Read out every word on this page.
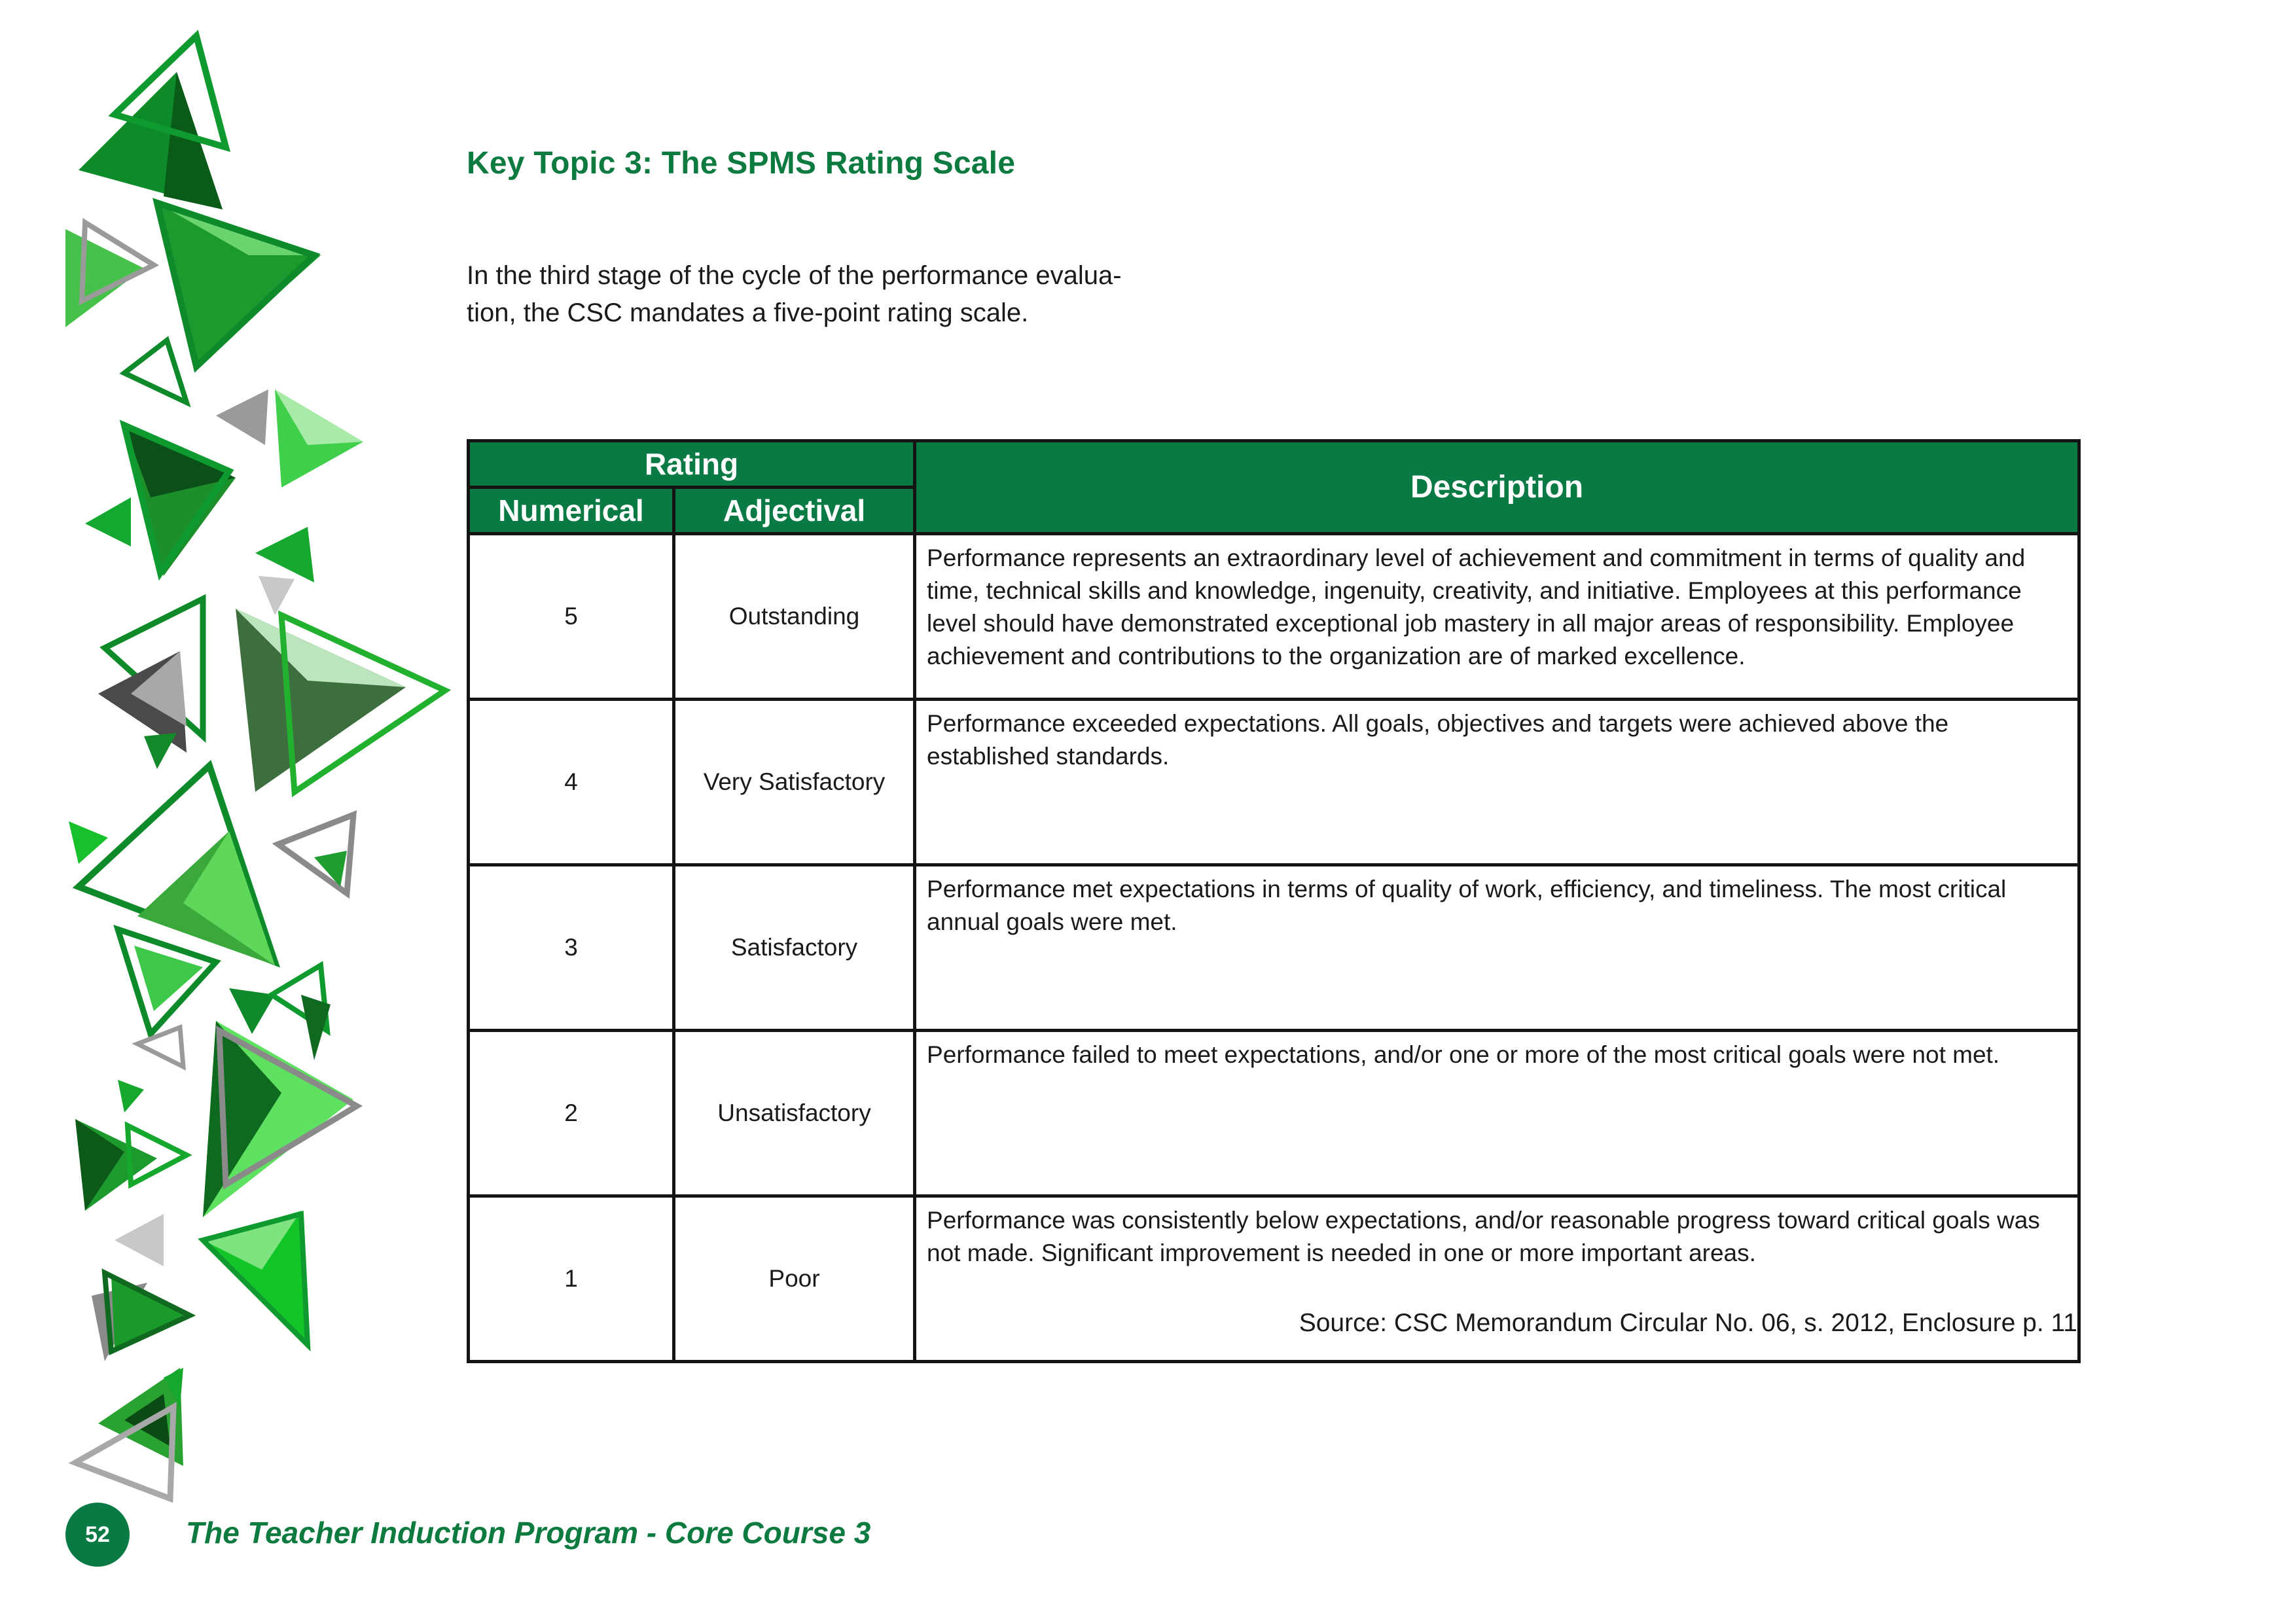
Key Topic 3: The SPMS Rating Scale

In the third stage of the cycle of the performance evalua-
tion, the CSC mandates a five-point rating scale.

Rating		Description
Numerical	Adjectival	
5	Outstanding	Performance represents an extraordinary level of achievement and commitment in terms of quality and time, technical skills and knowledge, ingenuity, creativity, and initiative. Employees at this performance level should have demonstrated exceptional job mastery in all major areas of responsibility. Employee achievement and contributions to the organization are of marked excellence.
4	Very Satisfactory	Performance exceeded expectations. All goals, objectives and targets were achieved above the established standards.
3	Satisfactory	Performance met expectations in terms of quality of work, efficiency, and timeliness. The most critical annual goals were met.
2	Unsatisfactory	Performance failed to meet expectations, and/or one or more of the most critical goals were not met.
1	Poor	Performance was consistently below expectations, and/or reasonable progress toward critical goals was not made. Significant improvement is needed in one or more important areas.

Source: CSC Memorandum Circular No. 06, s. 2012, Enclosure p. 11

52	The Teacher Induction Program - Core Course 3
